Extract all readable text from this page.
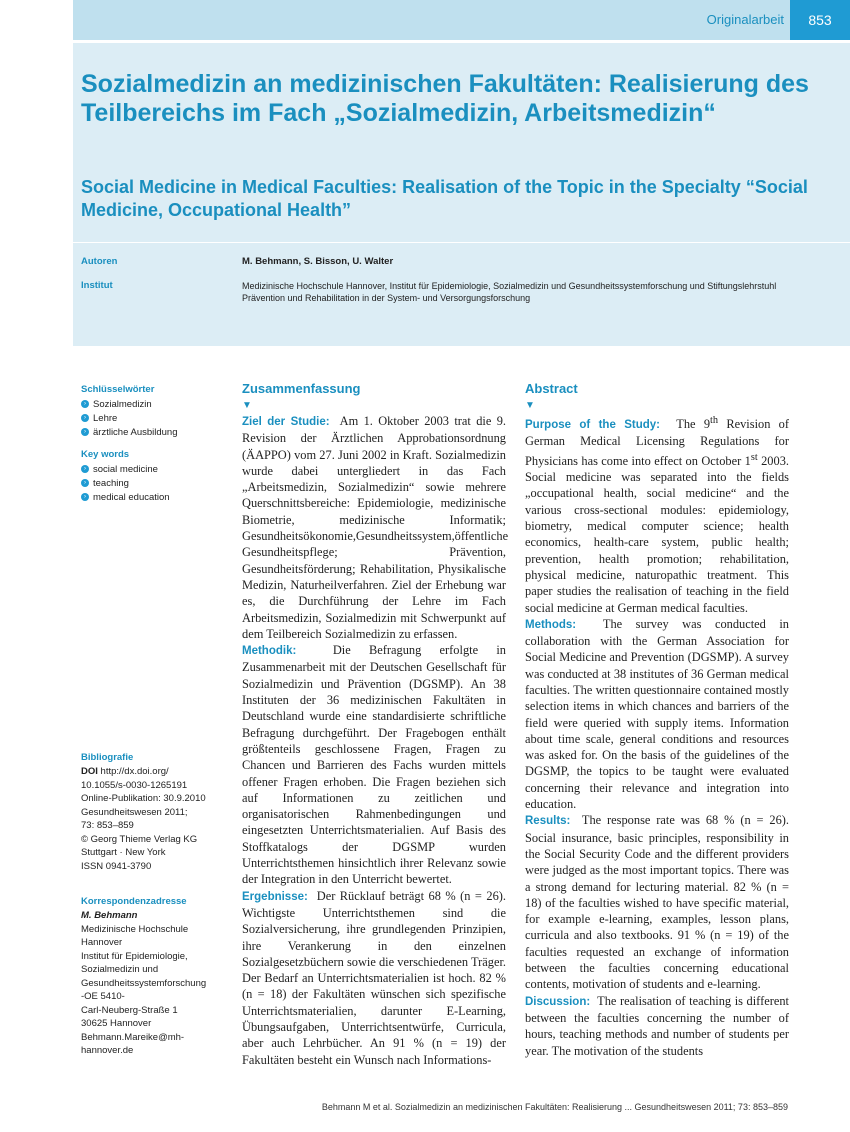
Originalarbeit	853
Sozialmedizin an medizinischen Fakultäten: Realisierung des Teilbereichs im Fach „Sozialmedizin, Arbeitsmedizin“
Social Medicine in Medical Faculties: Realisation of the Topic in the Specialty “Social Medicine, Occupational Health”
Autoren	M. Behmann, S. Bisson, U. Walter
Institut	Medizinische Hochschule Hannover, Institut für Epidemiologie, Sozialmedizin und Gesundheitssystemforschung und Stiftungslehrstuhl Prävention und Rehabilitation in der System- und Versorgungsforschung
Schlüsselwörter
› Sozialmedizin
› Lehre
› ärztliche Ausbildung
Key words
› social medicine
› teaching
› medical education
Bibliografie
DOI http://dx.doi.org/
10.1055/s-0030-1265191
Online-Publikation: 30.9.2010
Gesundheitswesen 2011;
73: 853–859
© Georg Thieme Verlag KG
Stuttgart · New York
ISSN 0941-3790
Korrespondenzadresse
M. Behmann
Medizinische Hochschule
Hannover
Institut für Epidemiologie,
Sozialmedizin und
Gesundheitssystemforschung
-OE 5410-
Carl-Neuberg-Straße 1
30625 Hannover
Behmann.Mareike@mh-
hannover.de
Zusammenfassung
▼

Ziel der Studie: Am 1. Oktober 2003 trat die 9. Revision der Ärztlichen Approbationsordnung (ÄAPPO) vom 27. Juni 2002 in Kraft. Sozialmedizin wurde dabei untergliedert in das Fach „Arbeitsmedizin, Sozialmedizin“ sowie mehrere Querschnittsbereiche: Epidemiologie, medizinische Biometrie, medizinische Informatik; Gesundheitsökonomie,Gesundheitssystem,öffentliche Gesundheitspflege; Prävention, Gesundheitsförderung; Rehabilitation, Physikalische Medizin, Naturheilverfahren. Ziel der Erhebung war es, die Durchführung der Lehre im Fach Arbeitsmedizin, Sozialmedizin mit Schwerpunkt auf dem Teilbereich Sozialmedizin zu erfassen.

Methodik:	Die Befragung erfolgte in Zusammenarbeit mit der Deutschen Gesellschaft für Sozialmedizin und Prävention (DGSMP). An 38 Instituten der 36 medizinischen Fakultäten in Deutschland wurde eine standardisierte schriftliche Befragung durchgeführt. Der Fragebogen enthält größtenteils geschlossene Fragen, Fragen zu Chancen und Barrieren des Fachs wurden mittels offener Fragen erhoben. Die Fragen beziehen sich auf Informationen zu zeitlichen und organisatorischen Rahmenbedingungen und eingesetzten Unterrichtsmaterialien. Auf Basis des Stoffkatalogs der DGSMP wurden Unterrichtsthemen hinsichtlich ihrer Relevanz sowie der Integration in den Unterricht bewertet.

Ergebnisse: Der Rücklauf beträgt 68 % (n = 26). Wichtigste Unterrichtsthemen sind die Sozialversicherung, ihre grundlegenden Prinzipien, ihre Verankerung in den einzelnen Sozialgesetzbüchern sowie die verschiedenen Träger. Der Bedarf an Unterrichtsmaterialien ist hoch. 82 % (n = 18) der Fakultäten wünschen sich spezifische Unterrichtsmaterialien, darunter E-Learning, Übungsaufgaben, Unterrichtsentwürfe, Curricula, aber auch Lehrbücher. An 91 % (n = 19) der Fakultäten besteht ein Wunsch nach Informations-

Abstract
▼

Purpose of the Study: The 9th Revision of German Medical Licensing Regulations for Physicians has come into effect on October 1st 2003. Social medicine was separated into the fields „occupational health, social medicine“ and the various cross-sectional modules: epidemiology, biometry, medical computer science; health economics, health-care system, public health; prevention, health promotion; rehabilitation, physical medicine, naturopathic treatment. This paper studies the realisation of teaching in the field social medicine at German medical faculties.

Methods: The survey was conducted in collaboration with the German Association for Social Medicine and Prevention (DGSMP). A survey was conducted at 38 institutes of 36 German medical faculties. The written questionnaire contained mostly selection items in which chances and barriers of the field were queried with supply items. Information about time scale, general conditions and resources was asked for. On the basis of the guidelines of the DGSMP, the topics to be taught were evaluated concerning their relevance and integration into education.

Results: The response rate was 68 % (n = 26). Social insurance, basic principles, responsibility in the Social Security Code and the different providers were judged as the most important topics. There was a strong demand for lecturing material. 82 % (n = 18) of the faculties wished to have specific material, for example e-learning, examples, lesson plans, curricula and also textbooks. 91 % (n = 19) of the faculties requested an exchange of information between the faculties concerning educational contents, motivation of students and e-learning.

Discussion: The realisation of teaching is different between the faculties concerning the number of hours, teaching methods and number of students per year. The motivation of the students

Behmann M et al. Sozialmedizin an medizinischen Fakultäten: Realisierung ... Gesundheitswesen 2011; 73: 853–859
